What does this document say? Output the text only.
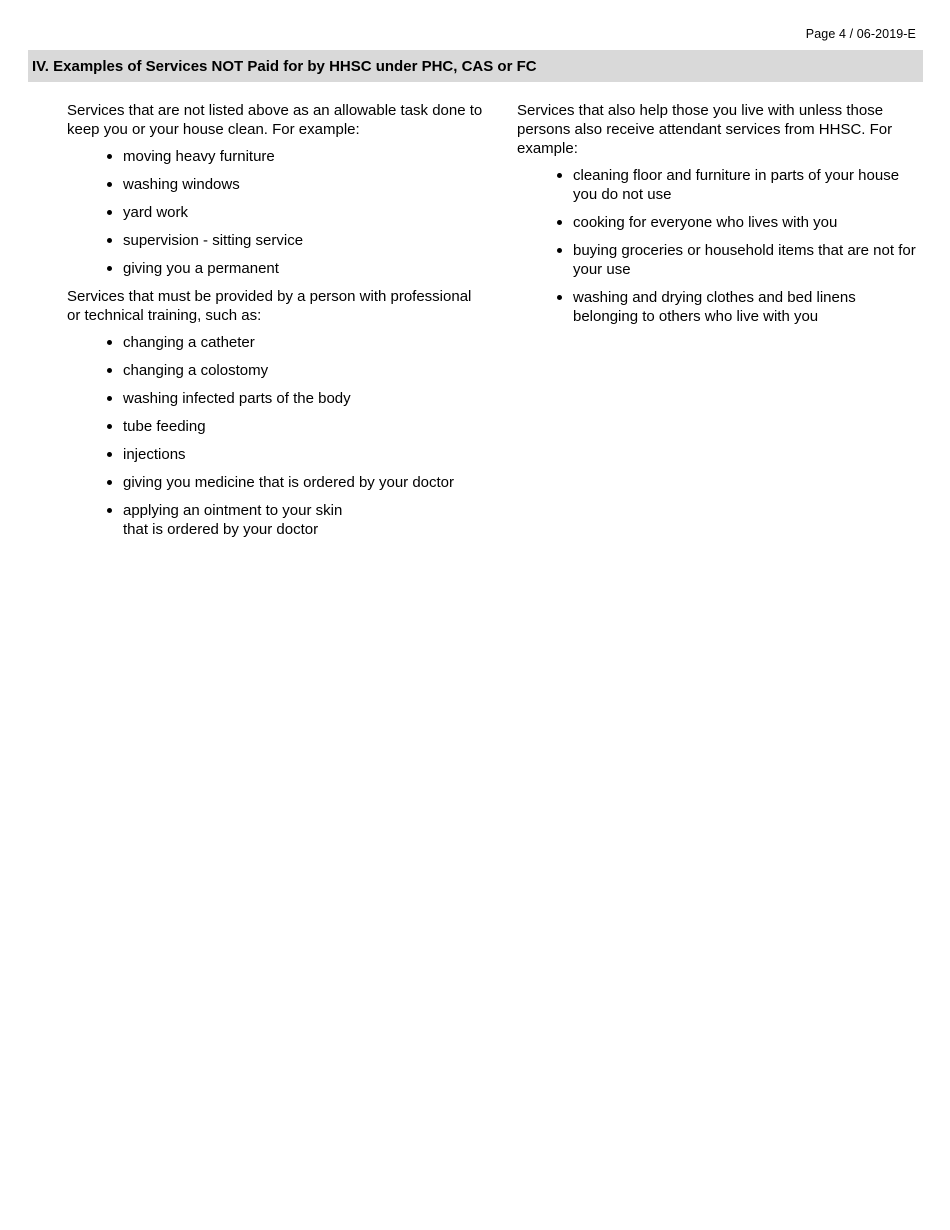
Page 4 / 06-2019-E
IV. Examples of Services NOT Paid for by HHSC under PHC, CAS or FC

Services that are not listed above as an allowable task done to keep you or your house clean. For example:

moving heavy furniture
washing windows
yard work
supervision - sitting service
giving you a permanent

Services that must be provided by a person with professional or technical training, such as:

changing a catheter
changing a colostomy
washing infected parts of the body
tube feeding
injections
giving you medicine that is ordered by your doctor
applying an ointment to your skin that is ordered by your doctor

Services that also help those you live with unless those persons also receive attendant services from HHSC. For example:

cleaning floor and furniture in parts of your house you do not use
cooking for everyone who lives with you
buying groceries or household items that are not for your use
washing and drying clothes and bed linens belonging to others who live with you
